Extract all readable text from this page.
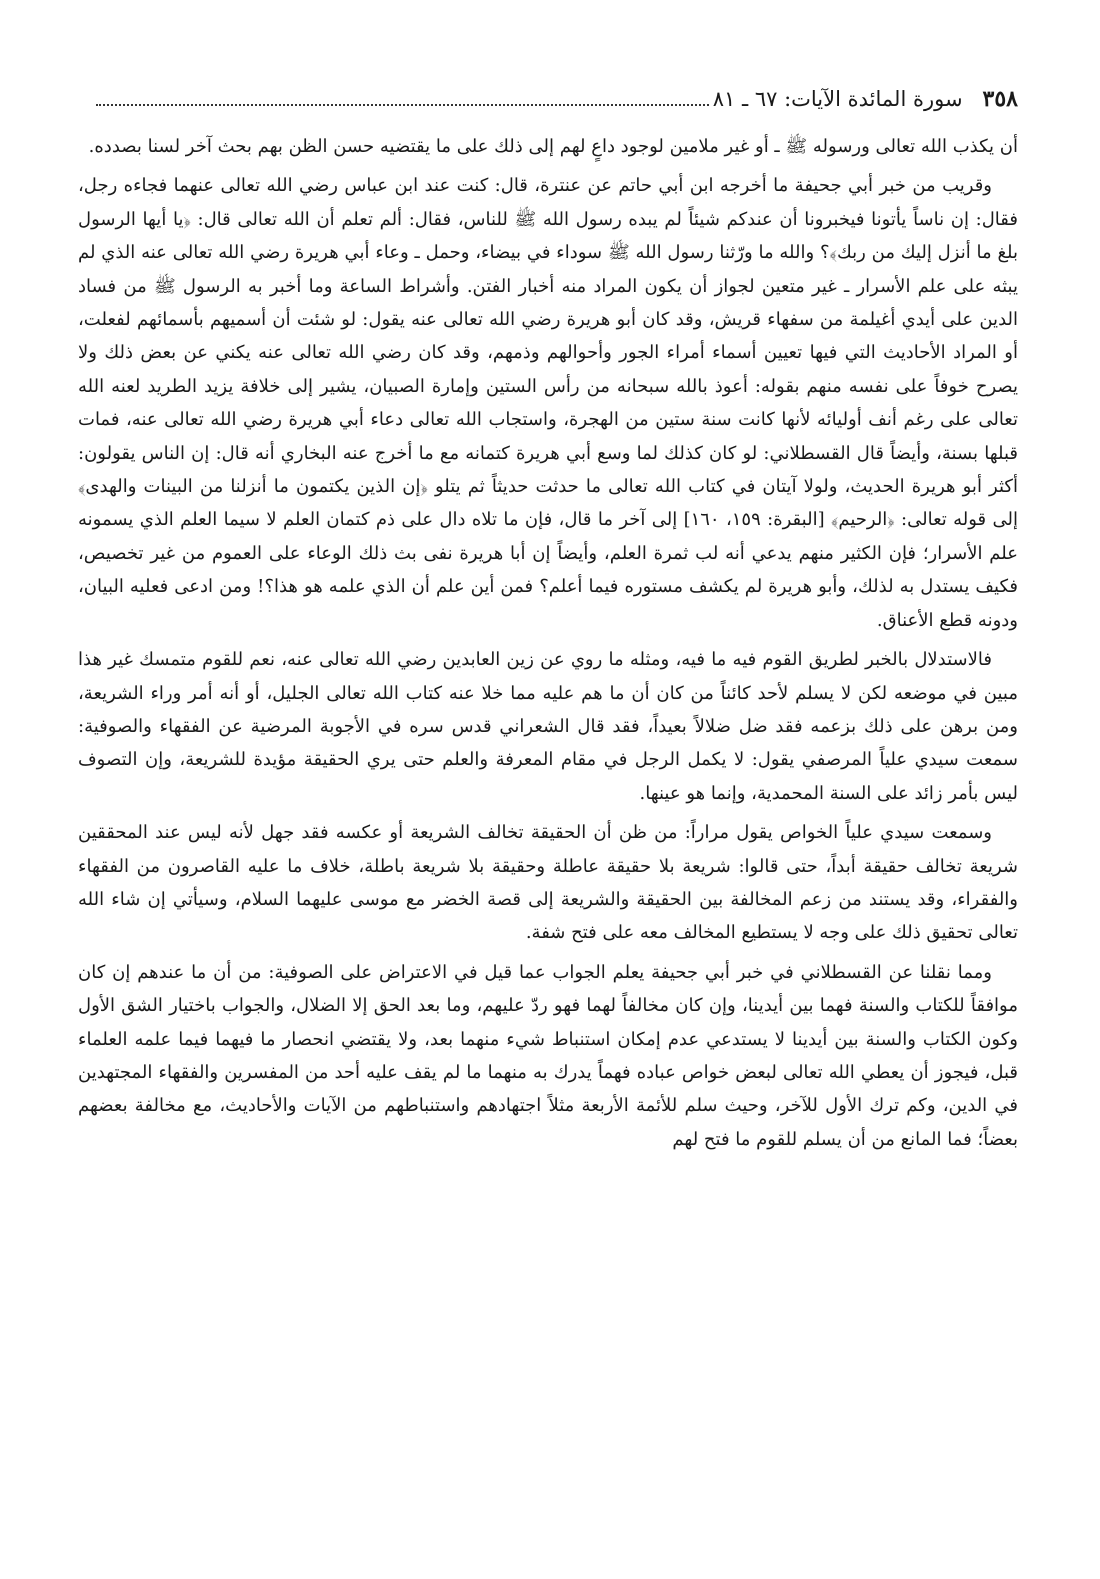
٣٥٨
سورة المائدة الآيات: ٦٧ ـ ٨١

أن يكذب الله تعالى ورسوله ﷺ ـ أو غير ملامين لوجود داعٍ لهم إلى ذلك على ما يقتضيه حسن الظن بهم بحث آخر لسنا بصدده.

وقريب من خبر أبي جحيفة ما أخرجه ابن أبي حاتم عن عنترة، قال: كنت عند ابن عباس رضي الله تعالى عنهما فجاءه رجل، فقال: إن ناساً يأتونا فيخبرونا أن عندكم شيئاً لم يبده رسول الله ﷺ للناس، فقال: ألم تعلم أن الله تعالى قال: ﴿يا أيها الرسول بلغ ما أنزل إليك من ربك﴾؟ والله ما ورّثنا رسول الله ﷺ سوداء في بيضاء، وحمل ـ وعاء أبي هريرة رضي الله تعالى عنه الذي لم يبثه على علم الأسرار ـ غير متعين لجواز أن يكون المراد منه أخبار الفتن. وأشراط الساعة وما أخبر به الرسول ﷺ من فساد الدين على أيدي أغيلمة من سفهاء قريش، وقد كان أبو هريرة رضي الله تعالى عنه يقول: لو شئت أن أسميهم بأسمائهم لفعلت، أو المراد الأحاديث التي فيها تعيين أسماء أمراء الجور وأحوالهم وذمهم، وقد كان رضي الله تعالى عنه يكني عن بعض ذلك ولا يصرح خوفاً على نفسه منهم بقوله: أعوذ بالله سبحانه من رأس الستين وإمارة الصبيان، يشير إلى خلافة يزيد الطريد لعنه الله تعالى على رغم أنف أوليائه لأنها كانت سنة ستين من الهجرة، واستجاب الله تعالى دعاء أبي هريرة رضي الله تعالى عنه، فمات قبلها بسنة، وأيضاً قال القسطلاني: لو كان كذلك لما وسع أبي هريرة كتمانه مع ما أخرج عنه البخاري أنه قال: إن الناس يقولون: أكثر أبو هريرة الحديث، ولولا آيتان في كتاب الله تعالى ما حدثت حديثاً ثم يتلو ﴿إن الذين يكتمون ما أنزلنا من البينات والهدى﴾ إلى قوله تعالى: ﴿الرحيم﴾ [البقرة: ١٥٩، ١٦٠] إلى آخر ما قال، فإن ما تلاه دال على ذم كتمان العلم لا سيما العلم الذي يسمونه علم الأسرار؛ فإن الكثير منهم يدعي أنه لب ثمرة العلم، وأيضاً إن أبا هريرة نفى بث ذلك الوعاء على العموم من غير تخصيص، فكيف يستدل به لذلك، وأبو هريرة لم يكشف مستوره فيما أعلم؟ فمن أين علم أن الذي علمه هو هذا؟! ومن ادعى فعليه البيان، ودونه قطع الأعناق.

فالاستدلال بالخبر لطريق القوم فيه ما فيه، ومثله ما روي عن زين العابدين رضي الله تعالى عنه، نعم للقوم متمسك غير هذا مبين في موضعه لكن لا يسلم لأحد كائناً من كان أن ما هم عليه مما خلا عنه كتاب الله تعالى الجليل، أو أنه أمر وراء الشريعة، ومن برهن على ذلك بزعمه فقد ضل ضلالاً بعيداً، فقد قال الشعراني قدس سره في الأجوبة المرضية عن الفقهاء والصوفية: سمعت سيدي علياً المرصفي يقول: لا يكمل الرجل في مقام المعرفة والعلم حتى يري الحقيقة مؤيدة للشريعة، وإن التصوف ليس بأمر زائد على السنة المحمدية، وإنما هو عينها.

وسمعت سيدي علياً الخواص يقول مراراً: من ظن أن الحقيقة تخالف الشريعة أو عكسه فقد جهل لأنه ليس عند المحققين شريعة تخالف حقيقة أبداً، حتى قالوا: شريعة بلا حقيقة عاطلة وحقيقة بلا شريعة باطلة، خلاف ما عليه القاصرون من الفقهاء والفقراء، وقد يستند من زعم المخالفة بين الحقيقة والشريعة إلى قصة الخضر مع موسى عليهما السلام، وسيأتي إن شاء الله تعالى تحقيق ذلك على وجه لا يستطيع المخالف معه على فتح شفة.

ومما نقلنا عن القسطلاني في خبر أبي جحيفة يعلم الجواب عما قيل في الاعتراض على الصوفية: من أن ما عندهم إن كان موافقاً للكتاب والسنة فهما بين أيدينا، وإن كان مخالفاً لهما فهو ردّ عليهم، وما بعد الحق إلا الضلال، والجواب باختيار الشق الأول وكون الكتاب والسنة بين أيدينا لا يستدعي عدم إمكان استنباط شيء منهما بعد، ولا يقتضي انحصار ما فيهما فيما علمه العلماء قبل، فيجوز أن يعطي الله تعالى لبعض خواص عباده فهماً يدرك به منهما ما لم يقف عليه أحد من المفسرين والفقهاء المجتهدين في الدين، وكم ترك الأول للآخر، وحيث سلم للأئمة الأربعة مثلاً اجتهادهم واستنباطهم من الآيات والأحاديث، مع مخالفة بعضهم بعضاً؛ فما المانع من أن يسلم للقوم ما فتح لهم
